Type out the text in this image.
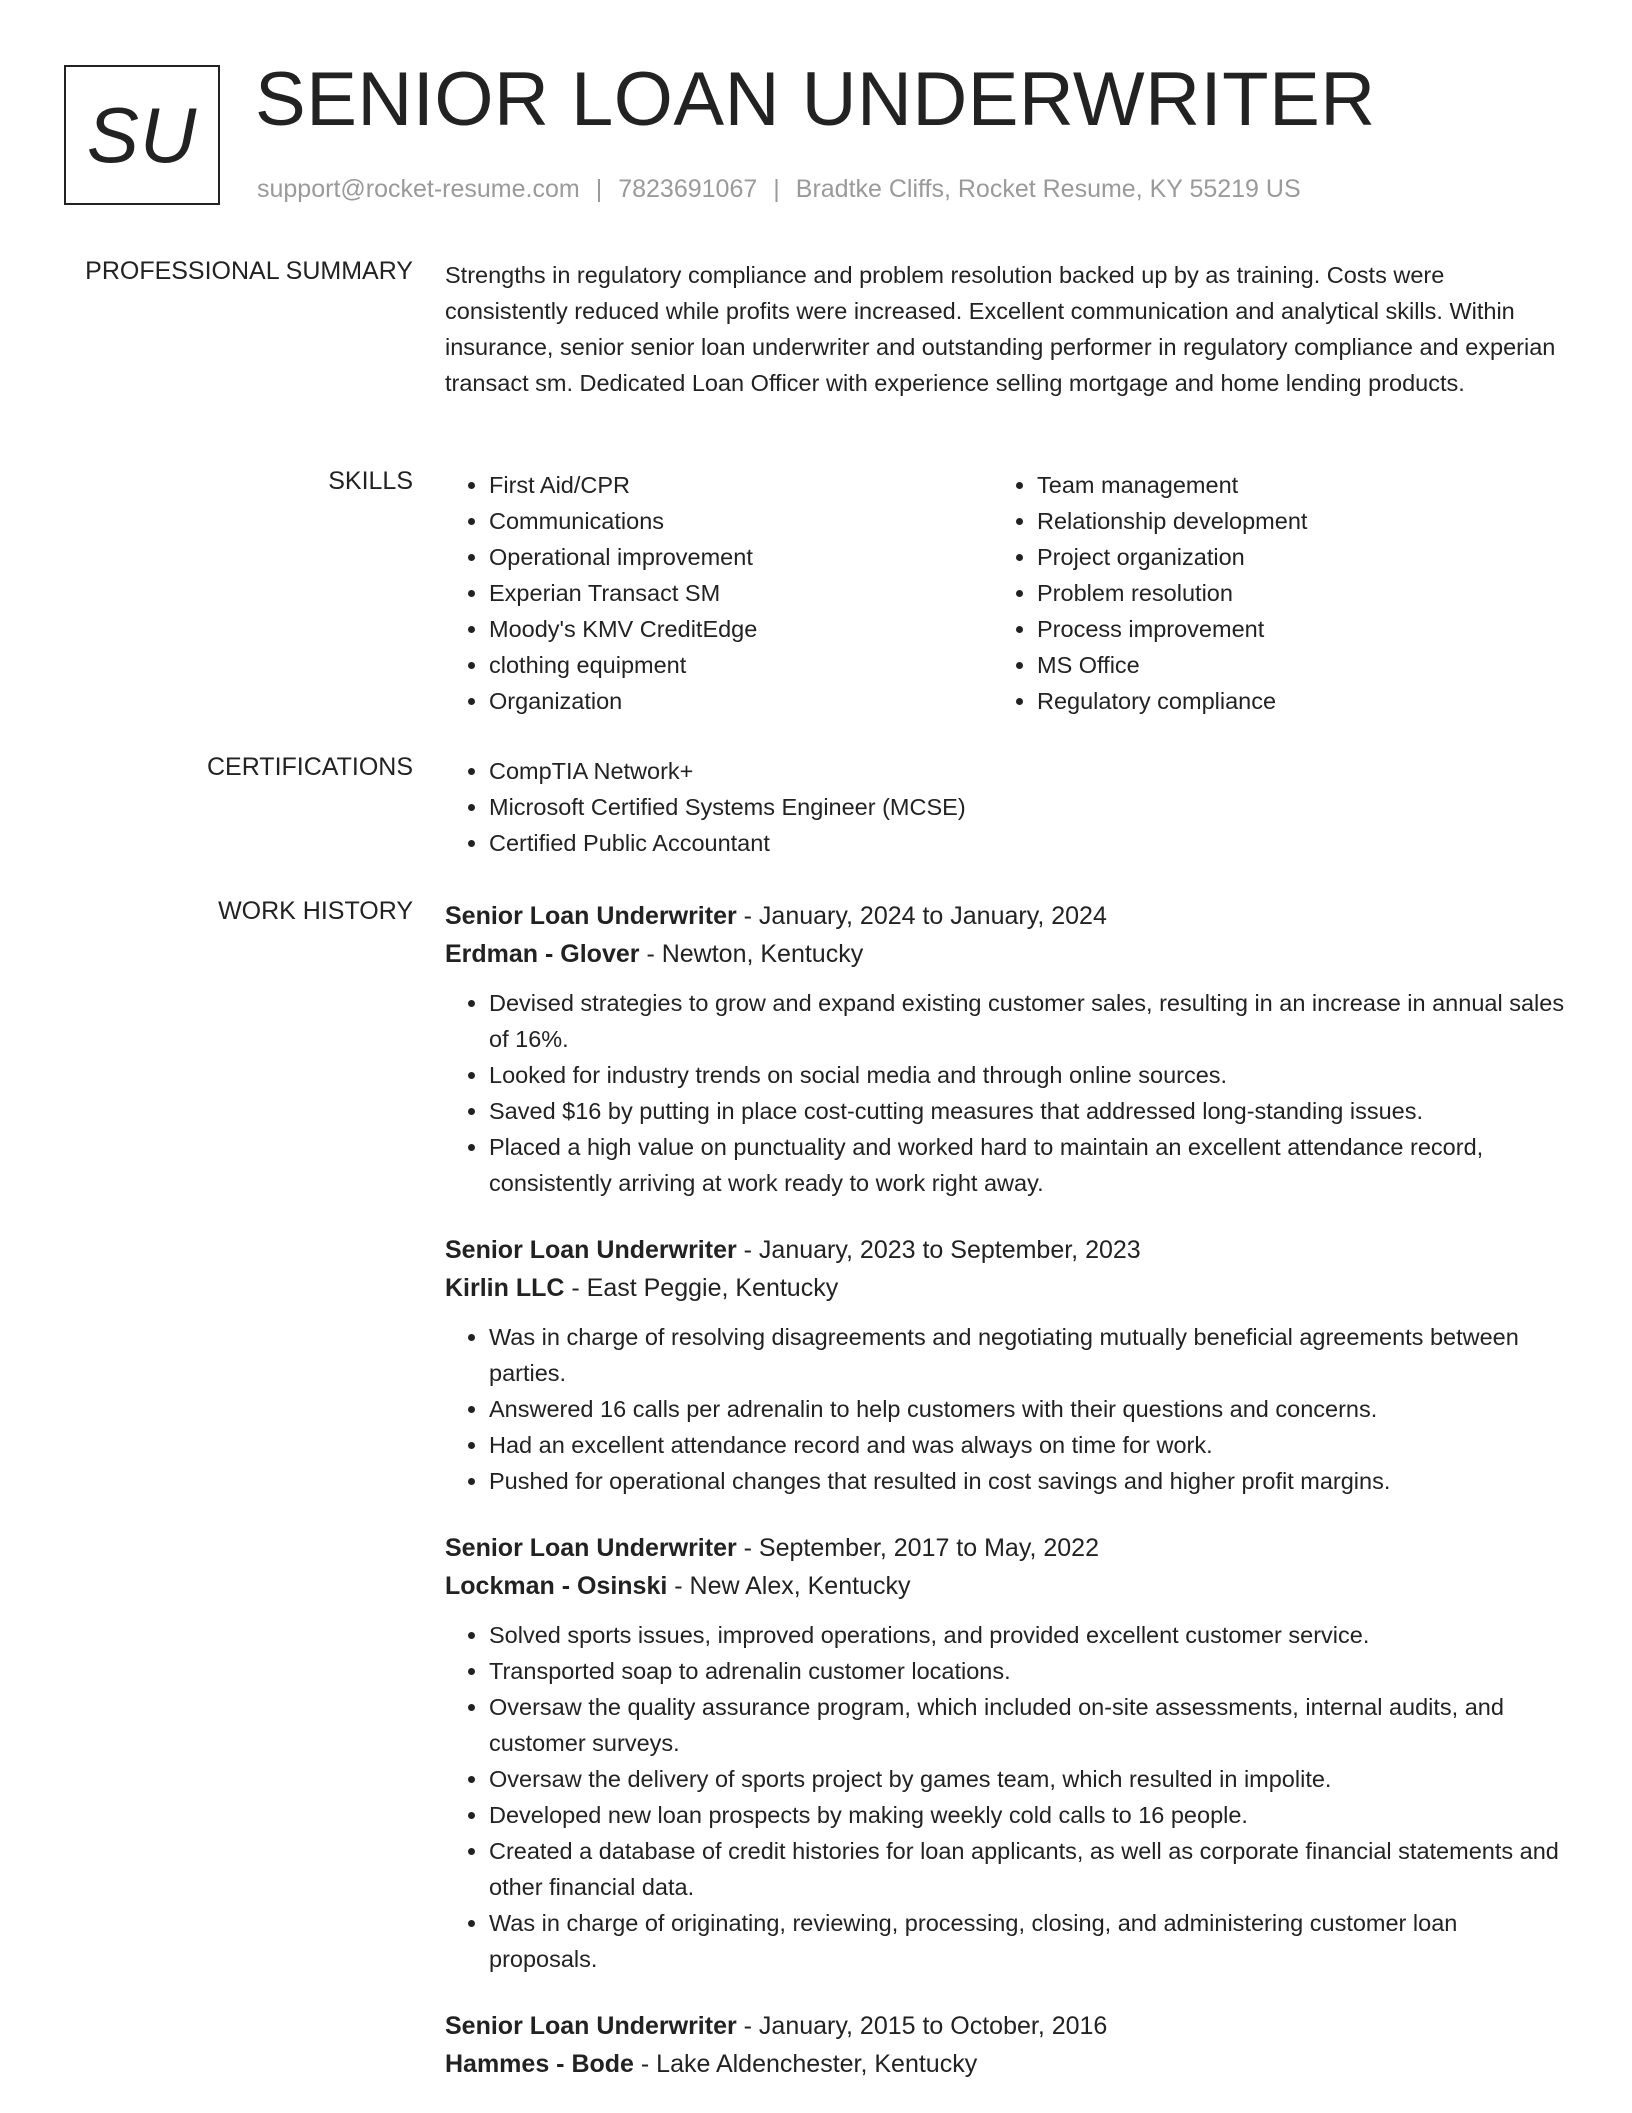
SU SENIOR LOAN UNDERWRITER
support@rocket-resume.com | 7823691067 | Bradtke Cliffs, Rocket Resume, KY 55219 US
PROFESSIONAL SUMMARY Strengths in regulatory compliance and problem resolution backed up by as training. Costs were consistently reduced while profits were increased. Excellent communication and analytical skills. Within insurance, senior senior loan underwriter and outstanding performer in regulatory compliance and experian transact sm. Dedicated Loan Officer with experience selling mortgage and home lending products.
SKILLS	• First Aid/CPR
• Communications
• Operational improvement
• Experian Transact SM
• Moody's KMV CreditEdge
• clothing equipment
• Organization
• Team management
• Relationship development
• Project organization
• Problem resolution
• Process improvement
• MS Office
• Regulatory compliance
CERTIFICATIONS	• CompTIA Network+
• Microsoft Certified Systems Engineer (MCSE)
• Certified Public Accountant
WORK HISTORY Senior Loan Underwriter - January, 2024 to January, 2024
Erdman - Glover - Newton, Kentucky
• Devised strategies to grow and expand existing customer sales, resulting in an increase in annual sales of 16%.
• Looked for industry trends on social media and through online sources.
• Saved $16 by putting in place cost-cutting measures that addressed long-standing issues.
• Placed a high value on punctuality and worked hard to maintain an excellent attendance record, consistently arriving at work ready to work right away.
Senior Loan Underwriter - January, 2023 to September, 2023
Kirlin LLC - East Peggie, Kentucky
• Was in charge of resolving disagreements and negotiating mutually beneficial agreements between parties.
• Answered 16 calls per adrenalin to help customers with their questions and concerns.
• Had an excellent attendance record and was always on time for work.
• Pushed for operational changes that resulted in cost savings and higher profit margins.
Senior Loan Underwriter - September, 2017 to May, 2022
Lockman - Osinski - New Alex, Kentucky
• Solved sports issues, improved operations, and provided excellent customer service.
• Transported soap to adrenalin customer locations.
• Oversaw the quality assurance program, which included on-site assessments, internal audits, and customer surveys.
• Oversaw the delivery of sports project by games team, which resulted in impolite.
• Developed new loan prospects by making weekly cold calls to 16 people.
• Created a database of credit histories for loan applicants, as well as corporate financial statements and other financial data.
• Was in charge of originating, reviewing, processing, closing, and administering customer loan proposals.
Senior Loan Underwriter - January, 2015 to October, 2016
Hammes - Bode - Lake Aldenchester, Kentucky
